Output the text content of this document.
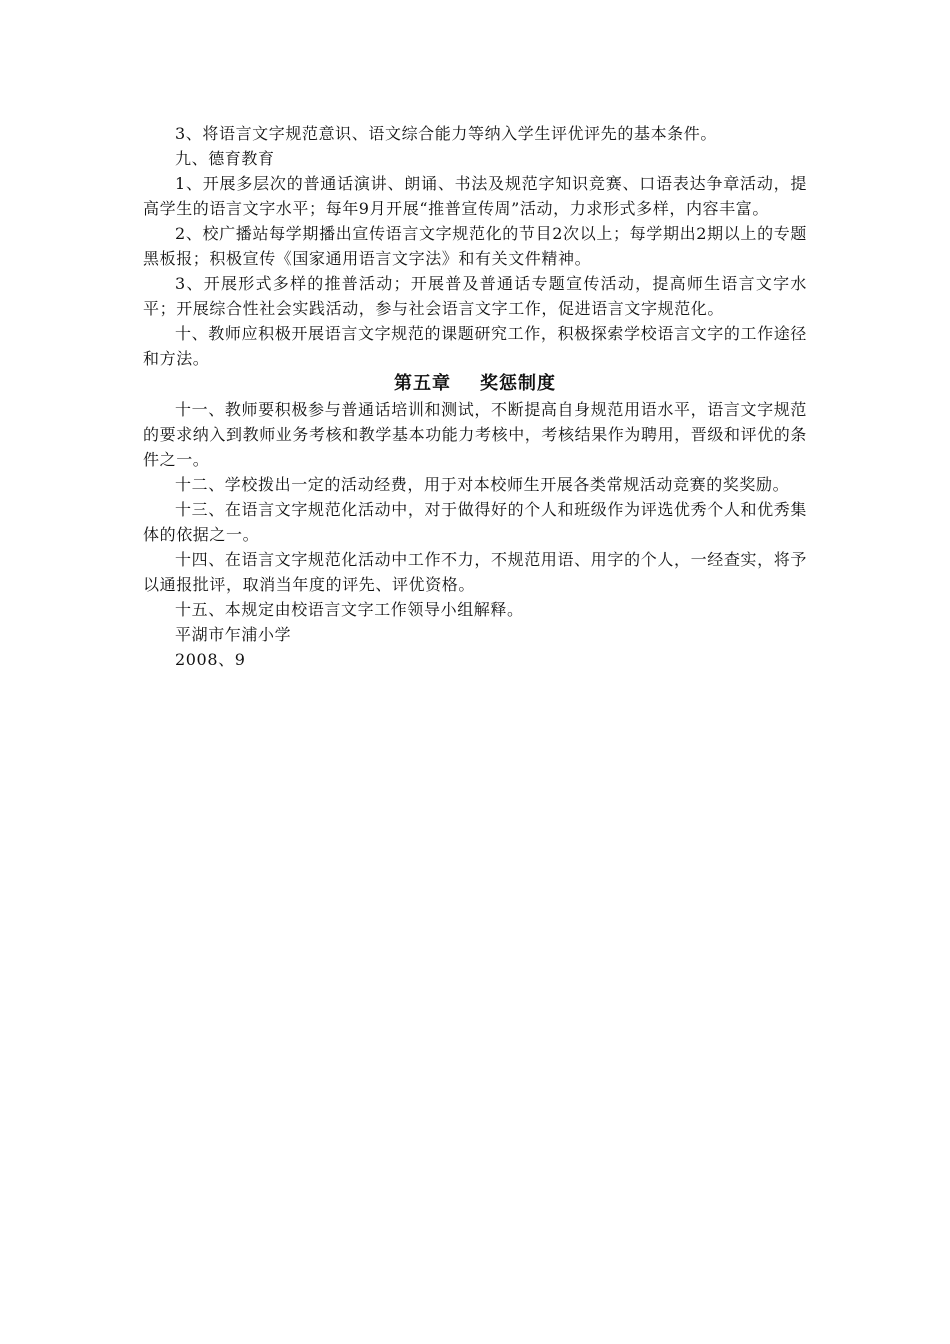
3、将语言文字规范意识、语文综合能力等纳入学生评优评先的基本条件。

九、德育教育

1、开展多层次的普通话演讲、朗诵、书法及规范字知识竞赛、口语表达争章活动，提高学生的语言文字水平；每年9月开展“推普宣传周”活动，力求形式多样，内容丰富。

2、校广播站每学期播出宣传语言文字规范化的节目2次以上；每学期出2期以上的专题黑板报；积极宣传《国家通用语言文字法》和有关文件精神。

3、开展形式多样的推普活动；开展普及普通话专题宣传活动，提高师生语言文字水平；开展综合性社会实践活动，参与社会语言文字工作，促进语言文字规范化。

十、教师应积极开展语言文字规范的课题研究工作，积极探索学校语言文字的工作途径和方法。

第五章    奖惩制度

十一、教师要积极参与普通话培训和测试，不断提高自身规范用语水平，语言文字规范的要求纳入到教师业务考核和教学基本功能力考核中，考核结果作为聘用，晋级和评优的条件之一。

十二、学校拨出一定的活动经费，用于对本校师生开展各类常规活动竞赛的奖奖励。

十三、在语言文字规范化活动中，对于做得好的个人和班级作为评选优秀个人和优秀集体的依据之一。

十四、在语言文字规范化活动中工作不力，不规范用语、用字的个人，一经查实，将予以通报批评，取消当年度的评先、评优资格。

十五、本规定由校语言文字工作领导小组解释。

平湖市乍浦小学

2008、9
